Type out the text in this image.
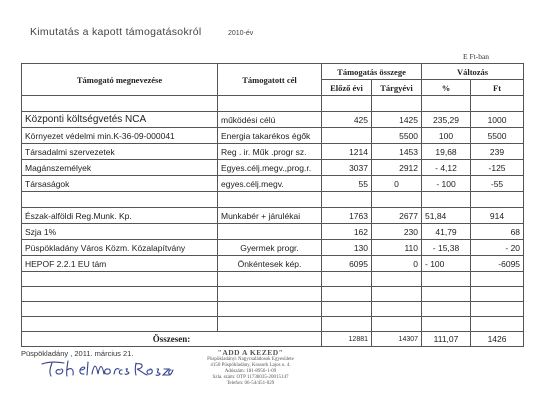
Kimutatás a kapott támogatásokról	2010-év
E Ft-ban
Támogató megnevezése	Támogatott cél	Támogatás összege		Változás	
		Előző évi	Tárgyévi	%	Ft

Központi költségvetés NCA	működési célú	425	1425	235,29	1000
Környezet védelmi min.K-36-09-000041	Energia takarékos égők		5500	100	5500
Társadalmi szervezetek	Reg . ir. Műk .progr sz.	1214	1453	19,68	239
Magánszemélyek	Egyes.célj.megv.,prog.r.	3037	2912	- 4,12	-125
Társaságok	egyes.célj.megv.	55	0	- 100	-55

Észak-alföldi Reg.Munk. Kp.	Munkabér + járulékai	1763	2677	51,84	914
Szja 1%		162	230	41,79	68
Püspökladány Város Közm. Közalapítvány	Gyermek progr.	130	110	- 15,38	- 20
HEPOF 2.2.1 EU tám	Önkéntesek kép.	6095	0	- 100	-6095

Összesen:		12881	14307	111,07	1426
Püspökladány , 2011. március 21.	"ADD A KEZED"
Püspökladányi Nagycsaládosok Egyesülete
4150 Püspökladány, Kossuth Lajos u. 4.
Adószám: 181-8956-1-09
Szla. szám: OTP 11738035-20015147
Telefon: 06-54/451-029
